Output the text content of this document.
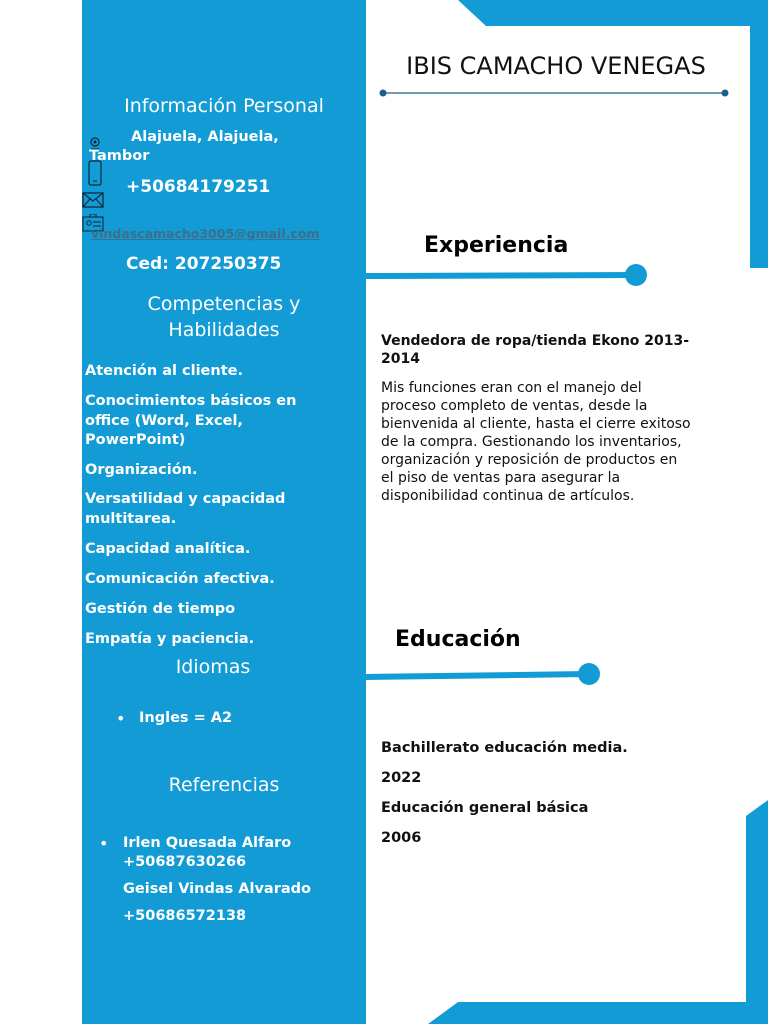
Información Personal
Alajuela, Alajuela,
Tambor
+50684179251
vindascamacho3005@gmail.com
Ced: 207250375
Competencias y
Habilidades
Atención al cliente.
Conocimientos básicos en office (Word, Excel, PowerPoint)
Organización.
Versatilidad y capacidad multitarea.
Capacidad analítica.
Comunicación afectiva.
Gestión de tiempo
Empatía y paciencia.
Idiomas
• Ingles = A2
Referencias
• Irlen Quesada Alfaro
+50687630266
Geisel Vindas Alvarado
+50686572138
IBIS CAMACHO VENEGAS
Experiencia
Vendedora de ropa/tienda Ekono 2013-2014
Mis funciones eran con el manejo del proceso completo de ventas, desde la bienvenida al cliente, hasta el cierre exitoso de la compra. Gestionando los inventarios, organización y reposición de productos en el piso de ventas para asegurar la disponibilidad continua de artículos.
Educación
Bachillerato educación media.
2022
Educación general básica
2006
